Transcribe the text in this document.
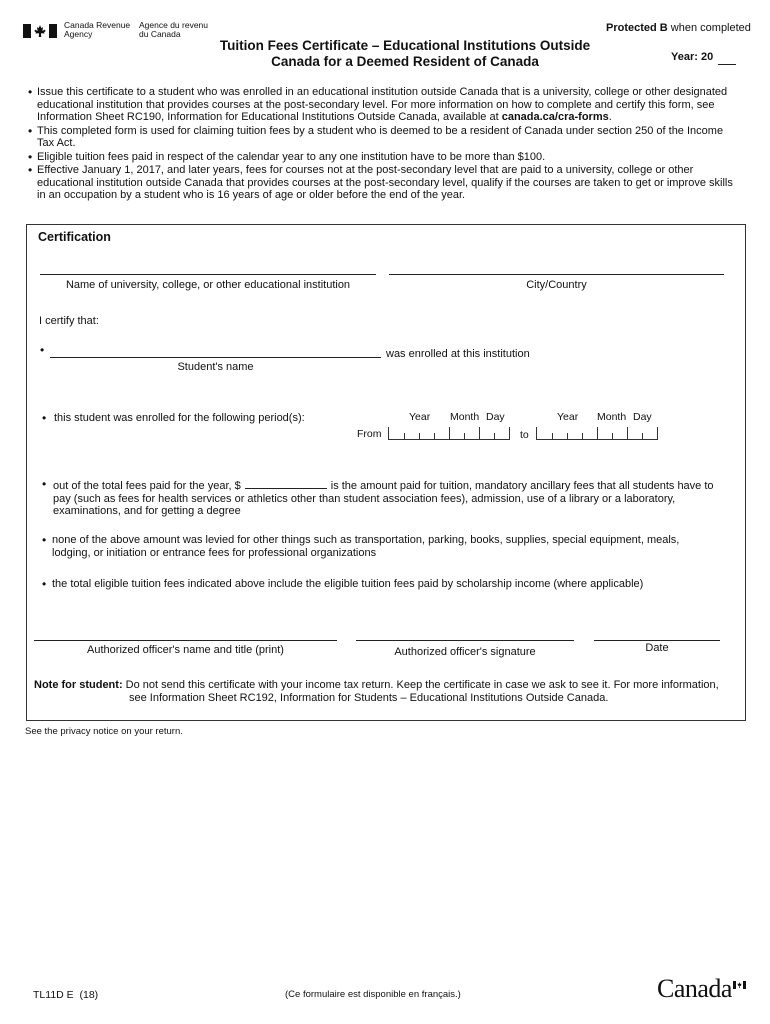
Canada Revenue
Agency
Agence du revenu
du Canada	Protected B when completed
Tuition Fees Certificate – Educational Institutions Outside
Canada for a Deemed Resident of Canada	Year: 20
• Issue this certificate to a student who was enrolled in an educational institution outside Canada that is a university, college or other designated educational institution that provides courses at the post-secondary level. For more information on how to complete and certify this form, see Information Sheet RC190, Information for Educational Institutions Outside Canada, available at canada.ca/cra-forms.
• This completed form is used for claiming tuition fees by a student who is deemed to be a resident of Canada under section 250 of the Income Tax Act.
• Eligible tuition fees paid in respect of the calendar year to any one institution have to be more than $100.
• Effective January 1, 2017, and later years, fees for courses not at the post-secondary level that are paid to a university, college or other educational institution outside Canada that provides courses at the post-secondary level, qualify if the courses are taken to get or improve skills in an occupation by a student who is 16 years of age or older before the end of the year.
Certification
Name of university, college, or other educational institution	City/Country
I certify that:
•	was enrolled at this institution
Student's name
• this student was enrolled for the following period(s):	Year Month Day	Year Month Day
From	to
• out of the total fees paid for the year, $	is the amount paid for tuition, mandatory ancillary fees that all students have to
pay (such as fees for health services or athletics other than student association fees), admission, use of a library or a laboratory,
examinations, and for getting a degree
• none of the above amount was levied for other things such as transportation, parking, books, supplies, special equipment, meals,
lodging, or initiation or entrance fees for professional organizations
• the total eligible tuition fees indicated above include the eligible tuition fees paid by scholarship income (where applicable)
Authorized officer's name and title (print)	Authorized officer's signature	Date
Note for student: Do not send this certificate with your income tax return. Keep the certificate in case we ask to see it. For more information,
see Information Sheet RC192, Information for Students – Educational Institutions Outside Canada.
See the privacy notice on your return.
TL11D E  (18)	(Ce formulaire est disponible en français.)	Canada
